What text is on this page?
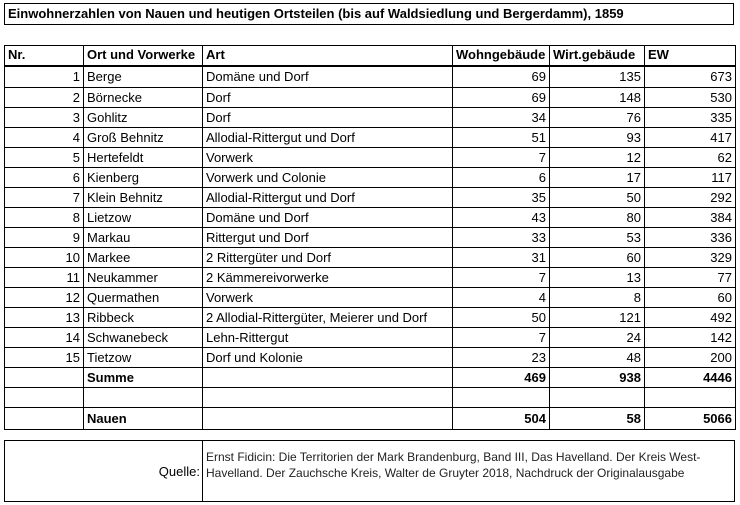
Einwohnerzahlen von Nauen und heutigen Ortsteilen (bis auf Waldsiedlung und Bergerdamm), 1859
Nr.	Ort und Vorwerke	Art	Wohngebäude	Wirt.gebäude	EW
1	Berge	Domäne und Dorf	69	135	673
2	Börnecke	Dorf	69	148	530
3	Gohlitz	Dorf	34	76	335
4	Groß Behnitz	Allodial-Rittergut und Dorf	51	93	417
5	Hertefeldt	Vorwerk	7	12	62
6	Kienberg	Vorwerk und Colonie	6	17	117
7	Klein Behnitz	Allodial-Rittergut und Dorf	35	50	292
8	Lietzow	Domäne und Dorf	43	80	384
9	Markau	Rittergut und Dorf	33	53	336
10	Markee	2 Rittergüter und Dorf	31	60	329
11	Neukammer	2 Kämmereivorwerke	7	13	77
12	Quermathen	Vorwerk	4	8	60
13	Ribbeck	2 Allodial-Rittergüter, Meierer und Dorf	50	121	492
14	Schwanebeck	Lehn-Rittergut	7	24	142
15	Tietzow	Dorf und Kolonie	23	48	200
	Summe		469	938	4446

	Nauen		504	58	5066
Quelle:
Ernst Fidicin: Die Territorien der Mark Brandenburg, Band III, Das Havelland. Der Kreis West-Havelland. Der Zauchsche Kreis, Walter de Gruyter 2018, Nachdruck der Originalausgabe
